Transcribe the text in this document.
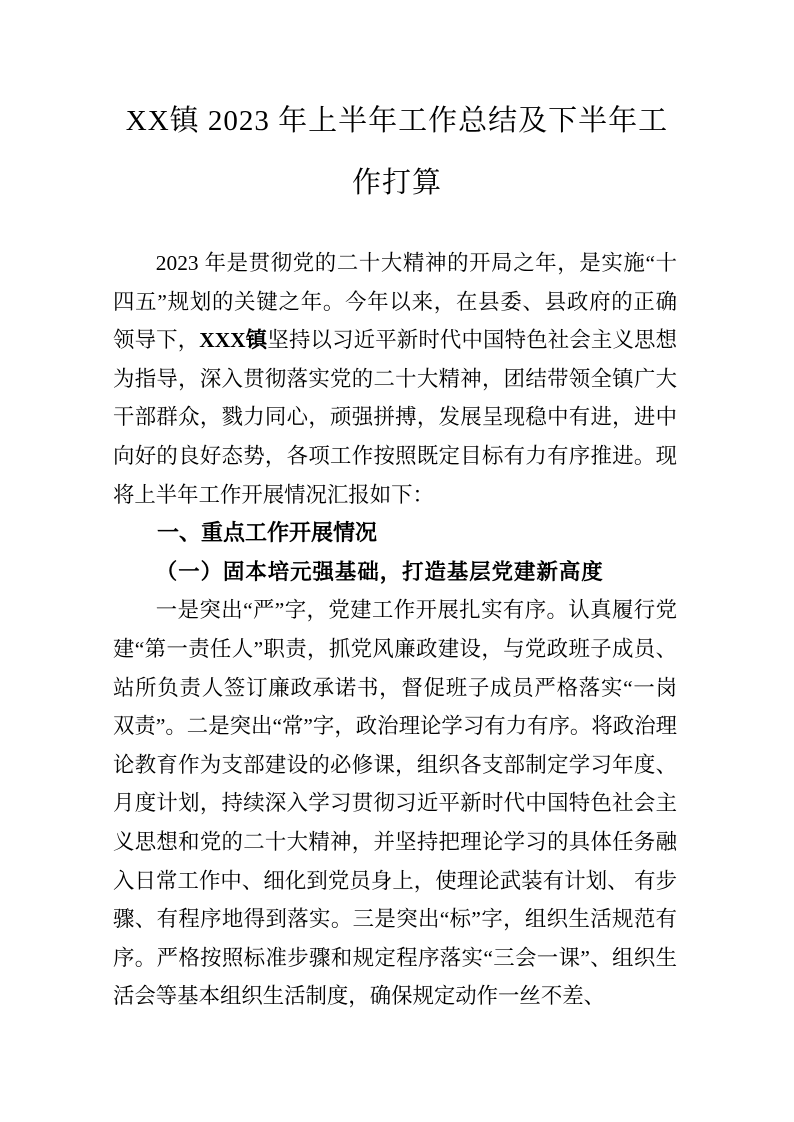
XX镇 2023 年上半年工作总结及下半年工
作打算

2023 年是贯彻党的二十大精神的开局之年，是实施“十四五”规划的关键之年。今年以来，在县委、县政府的正确领导下，XXX镇坚持以习近平新时代中国特色社会主义思想为指导，深入贯彻落实党的二十大精神，团结带领全镇广大干部群众，戮力同心，顽强拼搏，发展呈现稳中有进，进中向好的良好态势，各项工作按照既定目标有力有序推进。现将上半年工作开展情况汇报如下：

一、重点工作开展情况

（一）固本培元强基础，打造基层党建新高度

一是突出“严”字，党建工作开展扎实有序。认真履行党建“第一责任人”职责，抓党风廉政建设，与党政班子成员、站所负责人签订廉政承诺书，督促班子成员严格落实“一岗双责”。二是突出“常”字，政治理论学习有力有序。将政治理论教育作为支部建设的必修课，组织各支部制定学习年度、月度计划，持续深入学习贯彻习近平新时代中国特色社会主义思想和党的二十大精神，并坚持把理论学习的具体任务融入日常工作中、细化到党员身上，使理论武装有计划、 有步骤、有程序地得到落实。三是突出“标”字，组织生活规范有序。严格按照标准步骤和规定程序落实“三会一课”、组织生活会等基本组织生活制度，确保规定动作一丝不差、
